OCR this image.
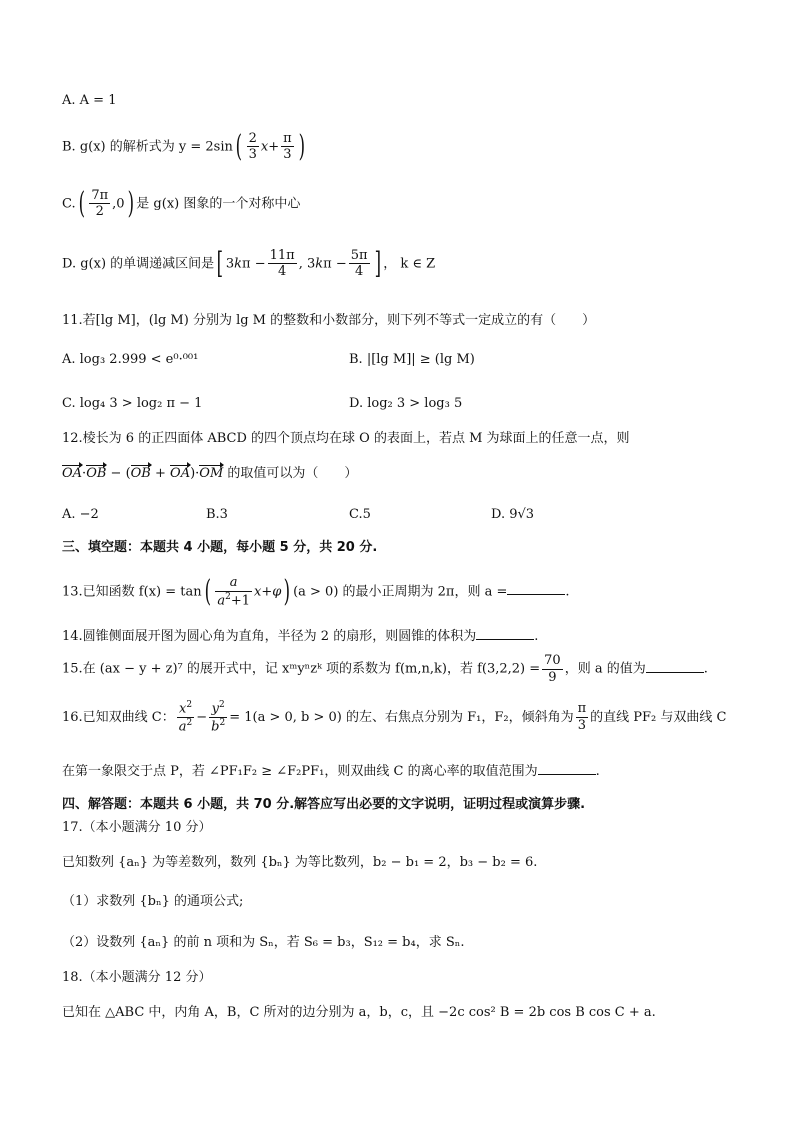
A. A = 1
B. g(x) 的解析式为 $y = 2\sin( \frac{2}{3} x+ \frac{\pi}{3}$ )
$C.( \frac{7\pi}{2} ,0)$ 是 g(x) 图象的一个对称中心
D. g(x) 的单调递减区间是[ $3k\pi - \frac{11\pi}{4}$ , $3k\pi - \frac{5\pi}{4}$ ] ， k ∈ Z
11.若[lg M]，(lg M) 分别为 lg M 的整数和小数部分，则下列不等式一定成立的有（　　）
A. log₃ 2.999 < e⁰·⁰⁰¹	B. |[lg M]| ≥ (lg M)
C. log₄ 3 > log₂ π − 1	D. log₂ 3 > log₃ 5
12.棱长为 6 的正四面体 ABCD 的四个顶点均在球 O 的表面上，若点 M 为球面上的任意一点，则
OA·OB − (OB + OA)·OM 的取值可以为（　　）
A. −2	B.3	C.5	D. 9√3
三、填空题：本题共 4 小题，每小题 5 分，共 20 分.
13.已知函数 $f(x) = \tan( \frac{a}{a^2+1} x+\varphi)$ (a > 0) 的最小正周期为 2π，则 a =	.
14.圆锥侧面展开图为圆心角为直角，半径为 2 的扇形，则圆锥的体积为	.
15.在 (ax − y + z)⁷ 的展开式中，记 xᵐyⁿzᵏ 项的系数为 f(m,n,k)，若 $f(3,2,2) = \frac{70}{9}$ ，则 a 的值为	.
16.已知双曲线 C： $\frac{x^2}{a^2} - \frac{y^2}{b^2} = 1(a > 0$, b > 0) 的左、右焦点分别为 F₁，F₂，倾斜角为 $\frac{\pi}{3}$ 的直线 PF₂ 与双曲线 C
在第一象限交于点 P，若 ∠PF₁F₂ ≥ ∠F₂PF₁，则双曲线 C 的离心率的取值范围为	.
四、解答题：本题共 6 小题，共 70 分.解答应写出必要的文字说明，证明过程或演算步骤.
17.（本小题满分 10 分）
已知数列 {aₙ} 为等差数列，数列 {bₙ} 为等比数列，b₂ − b₁ = 2，b₃ − b₂ = 6.
（1）求数列 {bₙ} 的通项公式;
（2）设数列 {aₙ} 的前 n 项和为 Sₙ，若 S₆ = b₃，S₁₂ = b₄，求 Sₙ.
18.（本小题满分 12 分）
已知在 △ABC 中，内角 A，B，C 所对的边分别为 a，b，c，且 −2c cos² B = 2b cos B cos C + a.
